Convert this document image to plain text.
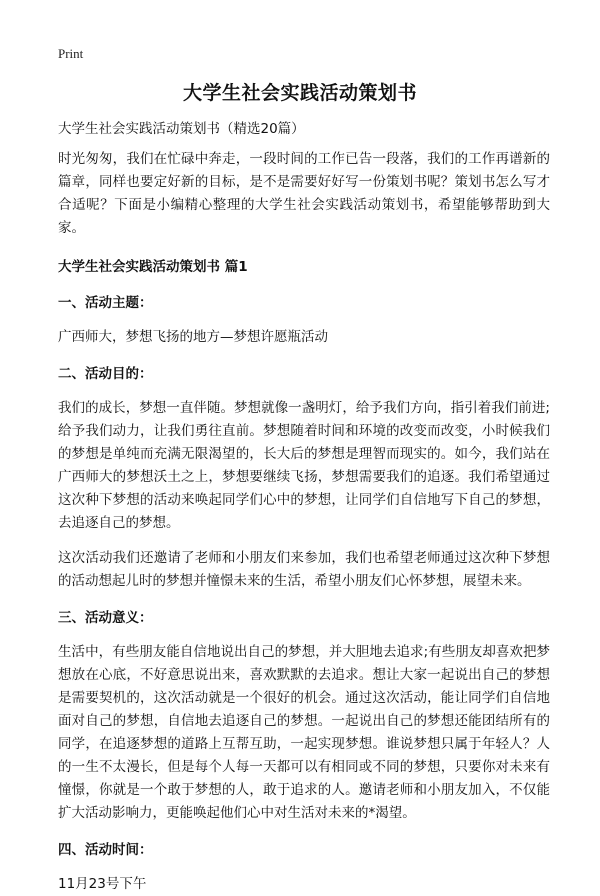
Print
大学生社会实践活动策划书

大学生社会实践活动策划书（精选20篇）

时光匆匆，我们在忙碌中奔走，一段时间的工作已告一段落，我们的工作再谱新的篇章，同样也要定好新的目标，是不是需要好好写一份策划书呢？策划书怎么写才合适呢？下面是小编精心整理的大学生社会实践活动策划书，希望能够帮助到大家。

大学生社会实践活动策划书 篇1

一、活动主题：

广西师大，梦想飞扬的地方—梦想许愿瓶活动

二、活动目的：

我们的成长，梦想一直伴随。梦想就像一盏明灯，给予我们方向，指引着我们前进;给予我们动力，让我们勇往直前。梦想随着时间和环境的改变而改变，小时候我们的梦想是单纯而充满无限渴望的，长大后的梦想是理智而现实的。如今，我们站在广西师大的梦想沃土之上，梦想要继续飞扬，梦想需要我们的追逐。我们希望通过这次种下梦想的活动来唤起同学们心中的梦想，让同学们自信地写下自己的梦想，去追逐自己的梦想。

这次活动我们还邀请了老师和小朋友们来参加，我们也希望老师通过这次种下梦想的活动想起儿时的梦想并憧憬未来的生活，希望小朋友们心怀梦想，展望未来。

三、活动意义：

生活中，有些朋友能自信地说出自己的梦想，并大胆地去追求;有些朋友却喜欢把梦想放在心底，不好意思说出来，喜欢默默的去追求。想让大家一起说出自己的梦想是需要契机的，这次活动就是一个很好的机会。通过这次活动，能让同学们自信地面对自己的梦想，自信地去追逐自己的梦想。一起说出自己的梦想还能团结所有的同学，在追逐梦想的道路上互帮互助，一起实现梦想。谁说梦想只属于年轻人？人的一生不太漫长，但是每个人每一天都可以有相同或不同的梦想，只要你对未来有憧憬，你就是一个敢于梦想的人，敢于追求的人。邀请老师和小朋友加入，不仅能扩大活动影响力，更能唤起他们心中对生活对未来的*渴望。

四、活动时间：

11月23号下午
